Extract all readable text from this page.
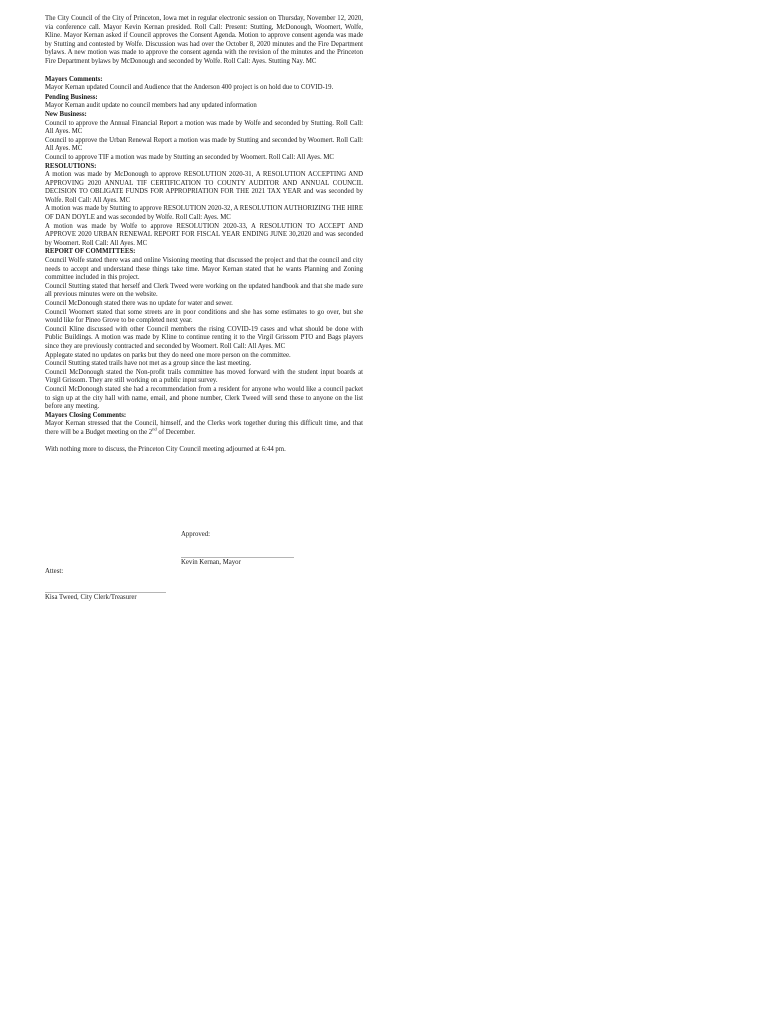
The City Council of the City of Princeton, Iowa met in regular electronic session on Thursday, November 12, 2020, via conference call. Mayor Kevin Kernan presided. Roll Call: Present: Stutting, McDonough, Woomert, Wolfe, Kline. Mayor Kernan asked if Council approves the Consent Agenda. Motion to approve consent agenda was made by Stutting and contested by Wolfe. Discussion was had over the October 8, 2020 minutes and the Fire Department bylaws. A new motion was made to approve the consent agenda with the revision of the minutes and the Princeton Fire Department bylaws by McDonough and seconded by Wolfe. Roll Call: Ayes. Stutting Nay. MC

Mayors Comments:

Mayor Kernan updated Council and Audience that the Anderson 400 project is on hold due to COVID-19.

Pending Business:

Mayor Kernan audit update no council members had any updated information

New Business:

Council to approve the Annual Financial Report a motion was made by Wolfe and seconded by Stutting. Roll Call: All Ayes. MC

Council to approve the Urban Renewal Report a motion was made by Stutting and seconded by Woomert. Roll Call: All Ayes. MC

Council to approve TIF a motion was made by Stutting an seconded by Woomert. Roll Call: All Ayes. MC

RESOLUTIONS:

A motion was made by McDonough to approve RESOLUTION 2020-31, A RESOLUTION ACCEPTING AND APPROVING 2020 ANNUAL TIF CERTIFICATION TO COUNTY AUDITOR AND ANNUAL COUNCIL DECISION TO OBLIGATE FUNDS FOR APPROPRIATION FOR THE 2021 TAX YEAR and was seconded by Wolfe. Roll Call: All Ayes. MC

A motion was made by Stutting to approve RESOLUTION 2020-32, A RESOLUTION AUTHORIZING THE HIRE OF DAN DOYLE and was seconded by Wolfe. Roll Call: Ayes. MC

A motion was made by Wolfe to approve RESOLUTION 2020-33, A RESOLUTION TO ACCEPT AND APPROVE 2020 URBAN RENEWAL REPORT FOR FISCAL YEAR ENDING JUNE 30,2020 and was seconded by Woomert. Roll Call: All Ayes. MC

REPORT OF COMMITTEES:

Council Wolfe stated there was and online Visioning meeting that discussed the project and that the council and city needs to accept and understand these things take time. Mayor Kernan stated that he wants Planning and Zoning committee included in this project.

Council Stutting stated that herself and Clerk Tweed were working on the updated handbook and that she made sure all previous minutes were on the website.

Council McDonough stated there was no update for water and sewer.

Council Woomert stated that some streets are in poor conditions and she has some estimates to go over, but she would like for Pineo Grove to be completed next year.

Council Kline discussed with other Council members the rising COVID-19 cases and what should be done with Public Buildings. A motion was made by Kline to continue renting it to the Virgil Grissom PTO and Bags players since they are previously contracted and seconded by Woomert. Roll Call: All Ayes. MC

Applegate stated no updates on parks but they do need one more person on the committee.

Council Stutting stated trails have not met as a group since the last meeting.

Council McDonough stated the Non-profit trails committee has moved forward with the student input boards at Virgil Grissom. They are still working on a public input survey.

Council McDonough stated she had a recommendation from a resident for anyone who would like a council packet to sign up at the city hall with name, email, and phone number, Clerk Tweed will send these to anyone on the list before any meeting.

Mayors Closing Comments:

Mayor Kernan stressed that the Council, himself, and the Clerks work together during this difficult time, and that there will be a Budget meeting on the 2nd of December.

With nothing more to discuss, the Princeton City Council meeting adjourned at 6:44 pm.

Approved:
Kevin Kernan, Mayor
Attest:
Kisa Tweed, City Clerk/Treasurer
